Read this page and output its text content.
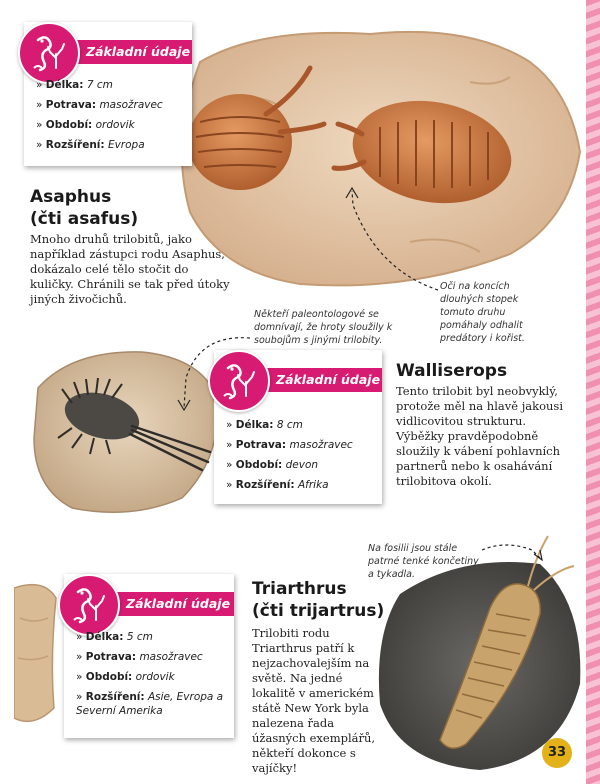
Základní údaje
» Délka: 7 cm
» Potrava: masožravec
» Období: ordovik
» Rozšíření: Evropa
Asaphus
(čti asafus)
Mnoho druhů trilobitů, jako například zástupci rodu Asaphus, dokázalo celé tělo stočit do kuličky. Chránili se tak před útoky jiných živočichů.
Oči na koncích dlouhých stopek tomuto druhu pomáhaly odhalit predátory i kořist.
Někteří paleontologové se domnívají, že hroty sloužily k soubojům s jinými trilobity.
Základní údaje
» Délka: 8 cm
» Potrava: masožravec
» Období: devon
» Rozšíření: Afrika
Walliserops
Tento trilobit byl neobvyklý, protože měl na hlavě jakousi vidlicovitou strukturu. Výběžky pravděpodobně sloužily k vábení pohlavních partnerů nebo k osahávání trilobitova okolí.
Základní údaje
» Délka: 5 cm
» Potrava: masožravec
» Období: ordovik
» Rozšíření: Asie, Evropa a Severní Amerika
Triarthrus
(čti trijartrus)
Trilobiti rodu Triarthrus patří k nejzachovalejším na světě. Na jedné lokalitě v americkém státě New York byla nalezena řada úžasných exemplářů, někteří dokonce s vajíčky!
Na fosilii jsou stále patrné tenké končetiny a tykadla.
33
